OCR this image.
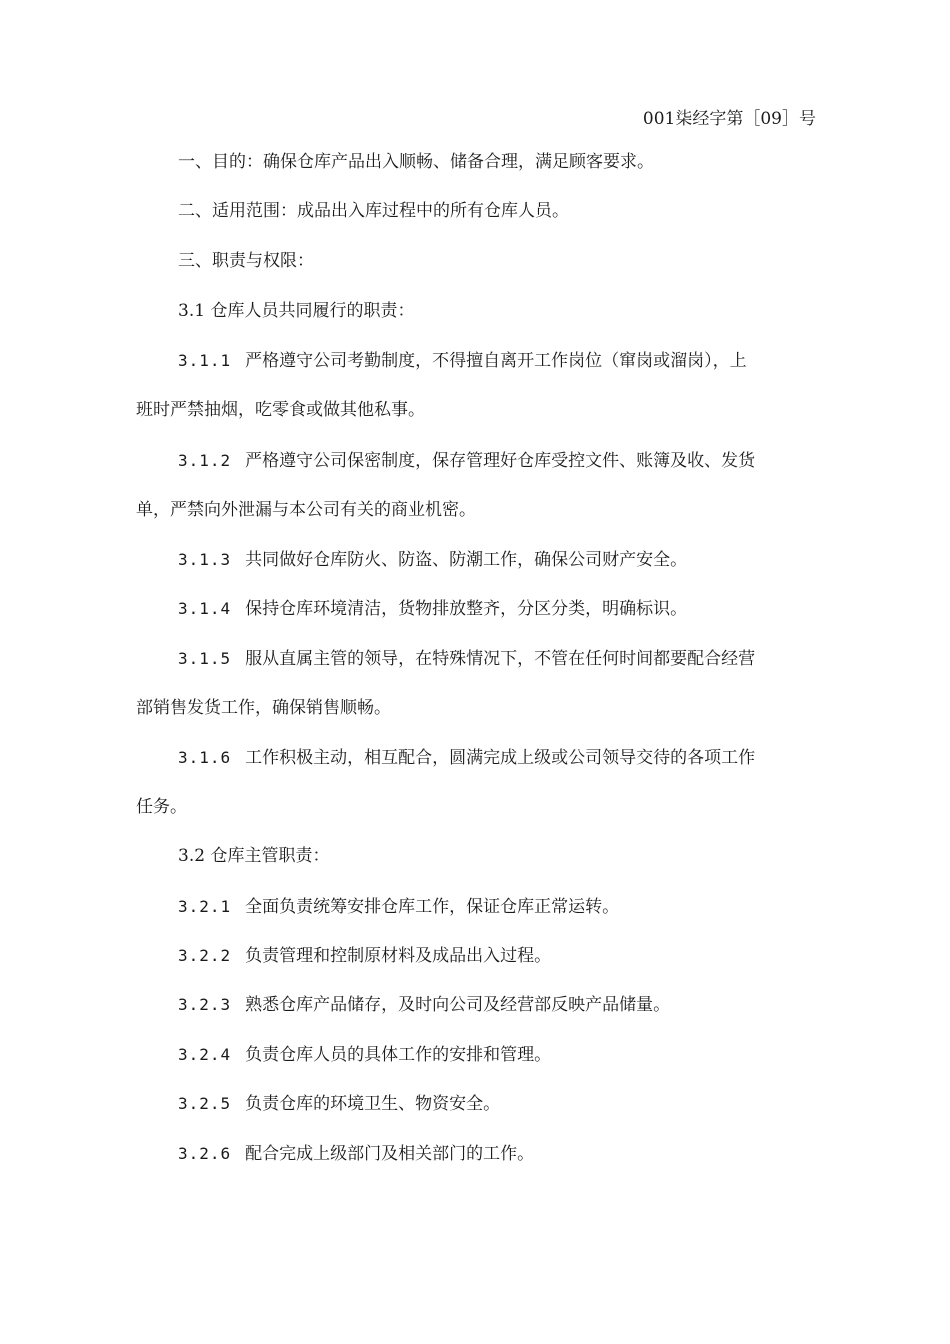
001柒经字第［09］号

一、目的：确保仓库产品出入顺畅、储备合理，满足顾客要求。

二、适用范围：成品出入库过程中的所有仓库人员。

三、职责与权限：

3.1 仓库人员共同履行的职责：

3.1.1 严格遵守公司考勤制度，不得擅自离开工作岗位（窜岗或溜岗），上
班时严禁抽烟，吃零食或做其他私事。

3.1.2 严格遵守公司保密制度，保存管理好仓库受控文件、账簿及收、发货
单，严禁向外泄漏与本公司有关的商业机密。

3.1.3 共同做好仓库防火、防盗、防潮工作，确保公司财产安全。

3.1.4 保持仓库环境清洁，货物排放整齐，分区分类，明确标识。

3.1.5 服从直属主管的领导，在特殊情况下，不管在任何时间都要配合经营
部销售发货工作，确保销售顺畅。

3.1.6 工作积极主动，相互配合，圆满完成上级或公司领导交待的各项工作
任务。

3.2 仓库主管职责：

3.2.1 全面负责统筹安排仓库工作，保证仓库正常运转。

3.2.2 负责管理和控制原材料及成品出入过程。

3.2.3 熟悉仓库产品储存，及时向公司及经营部反映产品储量。

3.2.4 负责仓库人员的具体工作的安排和管理。

3.2.5 负责仓库的环境卫生、物资安全。

3.2.6 配合完成上级部门及相关部门的工作。
